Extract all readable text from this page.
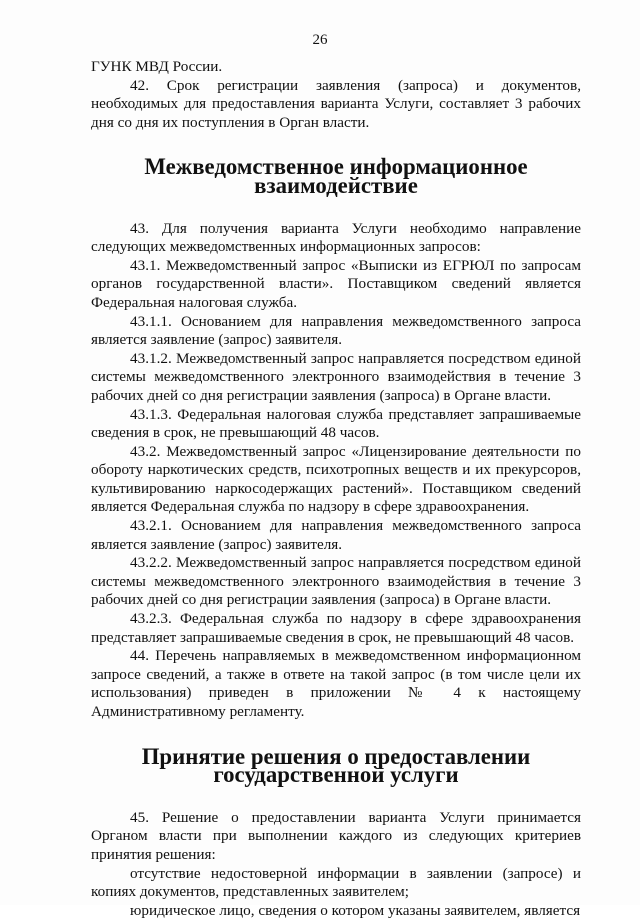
26

ГУНК МВД России.

42. Срок регистрации заявления (запроса) и документов, необходимых для предоставления варианта Услуги, составляет 3 рабочих дня со дня их поступления в Орган власти.

Межведомственное информационное взаимодействие

43. Для получения варианта Услуги необходимо направление следующих межведомственных информационных запросов:

43.1. Межведомственный запрос «Выписки из ЕГРЮЛ по запросам органов государственной власти». Поставщиком сведений является Федеральная налоговая служба.

43.1.1. Основанием для направления межведомственного запроса является заявление (запрос) заявителя.

43.1.2. Межведомственный запрос направляется посредством единой системы межведомственного электронного взаимодействия в течение 3 рабочих дней со дня регистрации заявления (запроса) в Органе власти.

43.1.3. Федеральная налоговая служба представляет запрашиваемые сведения в срок, не превышающий 48 часов.

43.2. Межведомственный запрос «Лицензирование деятельности по обороту наркотических средств, психотропных веществ и их прекурсоров, культивированию наркосодержащих растений». Поставщиком сведений является Федеральная служба по надзору в сфере здравоохранения.

43.2.1. Основанием для направления межведомственного запроса является заявление (запрос) заявителя.

43.2.2. Межведомственный запрос направляется посредством единой системы межведомственного электронного взаимодействия в течение 3 рабочих дней со дня регистрации заявления (запроса) в Органе власти.

43.2.3. Федеральная служба по надзору в сфере здравоохранения представляет запрашиваемые сведения в срок, не превышающий 48 часов.

44. Перечень направляемых в межведомственном информационном запросе сведений, а также в ответе на такой запрос (в том числе цели их использования) приведен в приложении № 4 к настоящему Административному регламенту.

Принятие решения о предоставлении государственной услуги

45. Решение о предоставлении варианта Услуги принимается Органом власти при выполнении каждого из следующих критериев принятия решения:

отсутствие недостоверной информации в заявлении (запросе) и копиях документов, представленных заявителем;

юридическое лицо, сведения о котором указаны заявителем, является
